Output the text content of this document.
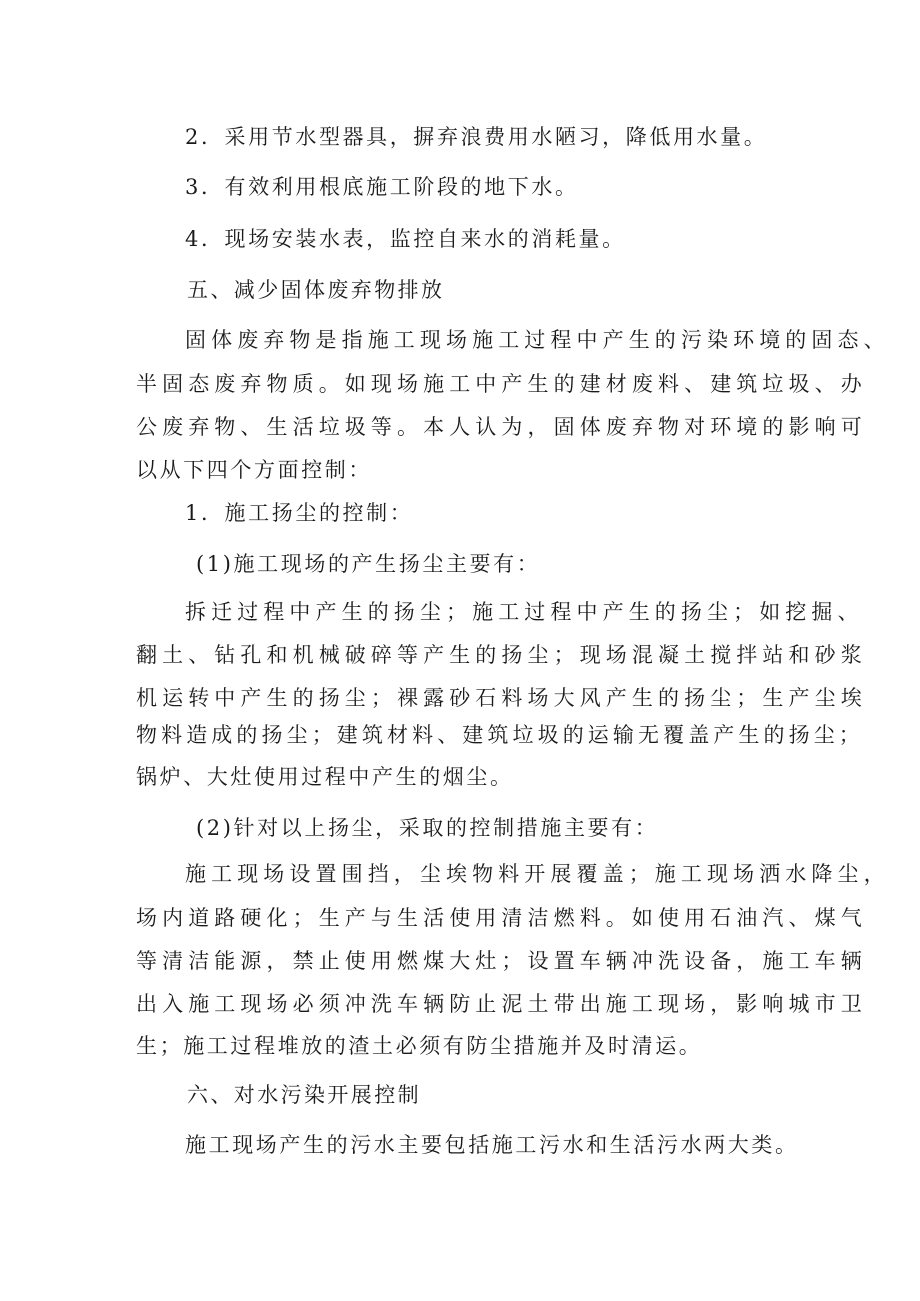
2．采用节水型器具，摒弃浪费用水陋习，降低用水量。
3．有效利用根底施工阶段的地下水。
4．现场安装水表，监控自来水的消耗量。
五、减少固体废弃物排放
固体废弃物是指施工现场施工过程中产生的污染环境的固态、
半固态废弃物质。如现场施工中产生的建材废料、建筑垃圾、办
公废弃物、生活垃圾等。本人认为，固体废弃物对环境的影响可
以从下四个方面控制：
1．施工扬尘的控制：
(1)施工现场的产生扬尘主要有：
拆迁过程中产生的扬尘；施工过程中产生的扬尘；如挖掘、
翻土、钻孔和机械破碎等产生的扬尘；现场混凝土搅拌站和砂浆
机运转中产生的扬尘；裸露砂石料场大风产生的扬尘；生产尘埃
物料造成的扬尘；建筑材料、建筑垃圾的运输无覆盖产生的扬尘；
锅炉、大灶使用过程中产生的烟尘。
(2)针对以上扬尘，采取的控制措施主要有：
施工现场设置围挡，尘埃物料开展覆盖；施工现场洒水降尘，
场内道路硬化；生产与生活使用清洁燃料。如使用石油汽、煤气
等清洁能源，禁止使用燃煤大灶；设置车辆冲洗设备，施工车辆
出入施工现场必须冲洗车辆防止泥土带出施工现场，影响城市卫
生；施工过程堆放的渣土必须有防尘措施并及时清运。
六、对水污染开展控制
施工现场产生的污水主要包括施工污水和生活污水两大类。
